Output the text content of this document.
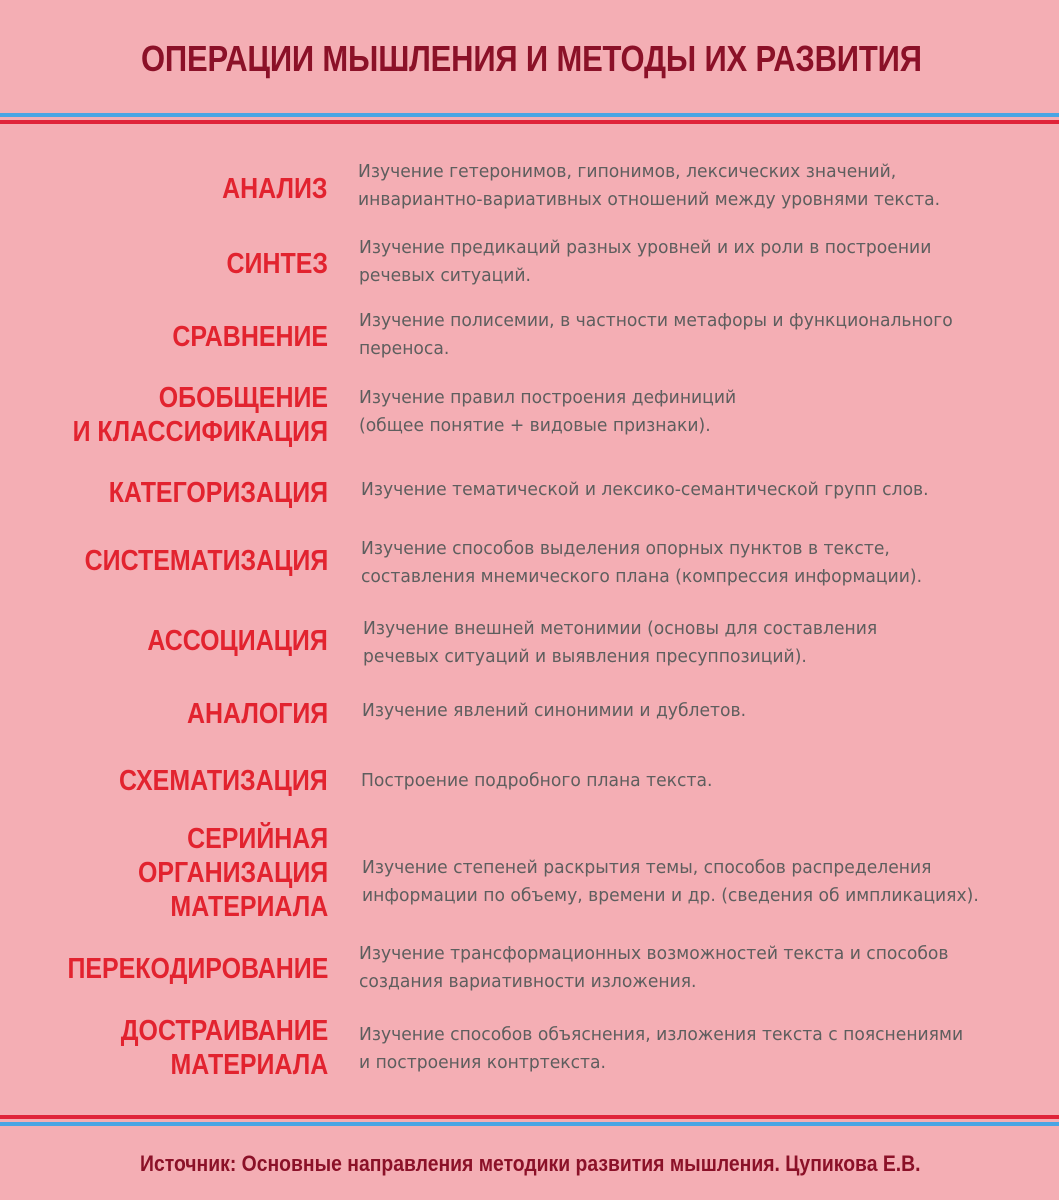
ОПЕРАЦИИ МЫШЛЕНИЯ И МЕТОДЫ ИХ РАЗВИТИЯ
АНАЛИЗ
Изучение гетеронимов, гипонимов, лексических значений,
инвариантно-вариативных отношений между уровнями текста.
СИНТЕЗ Изучение предикаций разных уровней и их роли в построении
речевых ситуаций.
СРАВНЕНИЕ Изучение полисемии, в частности метафоры и функционального
переноса.
ОБОБЩЕНИЕ
И КЛАССИФИКАЦИЯ
Изучение правил построения дефиниций
(общее понятие + видовые признаки).
КАТЕГОРИЗАЦИЯ Изучение тематической и лексико-семантической групп слов.
СИСТЕМАТИЗАЦИЯ Изучение способов выделения опорных пунктов в тексте,
составления мнемического плана (компрессия информации).
АССОЦИАЦИЯ Изучение внешней метонимии (основы для составления
речевых ситуаций и выявления пресуппозиций).
АНАЛОГИЯ Изучение явлений синонимии и дублетов.
СХЕМАТИЗАЦИЯ Построение подробного плана текста.
СЕРИЙНАЯ
ОРГАНИЗАЦИЯ
МАТЕРИАЛА
Изучение степеней раскрытия темы, способов распределения
информации по объему, времени и др. (сведения об импликациях).
ПЕРЕКОДИРОВАНИЕ Изучение трансформационных возможностей текста и способов
создания вариативности изложения.
ДОСТРАИВАНИЕ
МАТЕРИАЛА
Изучение способов объяснения, изложения текста с пояснениями
и построения контртекста.
Источник: Основные направления методики развития мышления. Цупикова Е.В.
